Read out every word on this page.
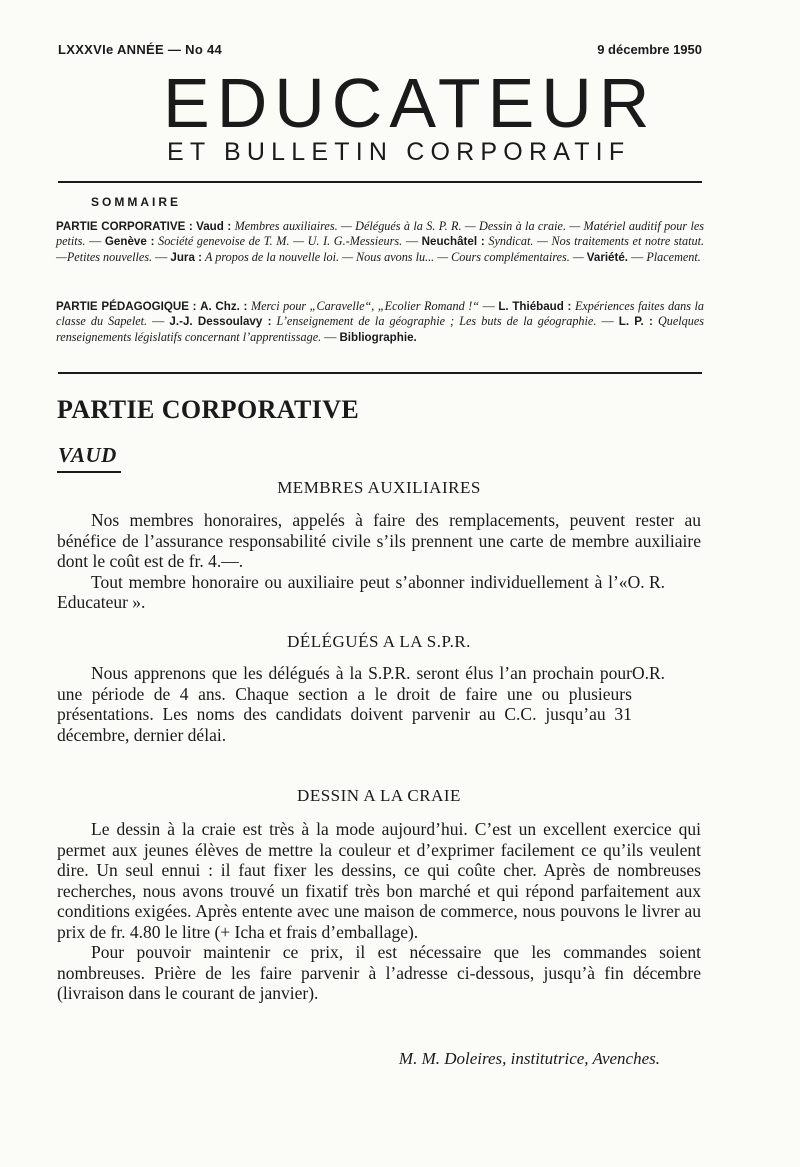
LXXXVIe ANNÉE — No 44	9 décembre 1950
EDUCATEUR
ET BULLETIN CORPORATIF
SOMMAIRE
PARTIE CORPORATIVE : Vaud : Membres auxiliaires. — Délégués à la S. P. R. — Dessin à la craie. — Matériel auditif pour les petits. — Genève : Société genevoise de T. M. — U. I. G.-Messieurs. — Neuchâtel : Syndicat. — Nos traitements et notre statut. —Petites nouvelles. — Jura : A propos de la nouvelle loi. — Nous avons lu... — Cours complémentaires. — Variété. — Placement.
PARTIE PÉDAGOGIQUE : A. Chz. : Merci pour „Caravelle“, „Ecolier Romand !“ — L. Thiébaud : Expériences faites dans la classe du Sapelet. — J.-J. Dessoulavy : L’enseignement de la géographie ; Les buts de la géographie. — L. P. : Quelques renseignements législatifs concernant l’apprentissage. — Bibliographie.
PARTIE CORPORATIVE
VAUD
MEMBRES AUXILIAIRES

Nos membres honoraires, appelés à faire des remplacements, peuvent rester au bénéfice de l’assurance responsabilité civile s’ils prennent une carte de membre auxiliaire dont le coût est de fr. 4.—.

Tout membre honoraire ou auxiliaire peut s’abonner individuellement à l’« Educateur ».
O. R.

DÉLÉGUÉS A LA S.P.R.

Nous apprenons que les délégués à la S.P.R. seront élus l’an prochain pour une période de 4 ans. Chaque section a le droit de faire une ou plusieurs présentations. Les noms des candidats doivent parvenir au C.C. jusqu’au 31 décembre, dernier délai.
O.R.

DESSIN A LA CRAIE

Le dessin à la craie est très à la mode aujourd’hui. C’est un excellent exercice qui permet aux jeunes élèves de mettre la couleur et d’exprimer facilement ce qu’ils veulent dire. Un seul ennui : il faut fixer les dessins, ce qui coûte cher. Après de nombreuses recherches, nous avons trouvé un fixatif très bon marché et qui répond parfaitement aux conditions exigées. Après entente avec une maison de commerce, nous pouvons le livrer au prix de fr. 4.80 le litre (+ Icha et frais d’emballage).

Pour pouvoir maintenir ce prix, il est nécessaire que les commandes soient nombreuses. Prière de les faire parvenir à l’adresse ci-dessous, jusqu’à fin décembre (livraison dans le courant de janvier).

M. M. Doleires, institutrice, Avenches.
